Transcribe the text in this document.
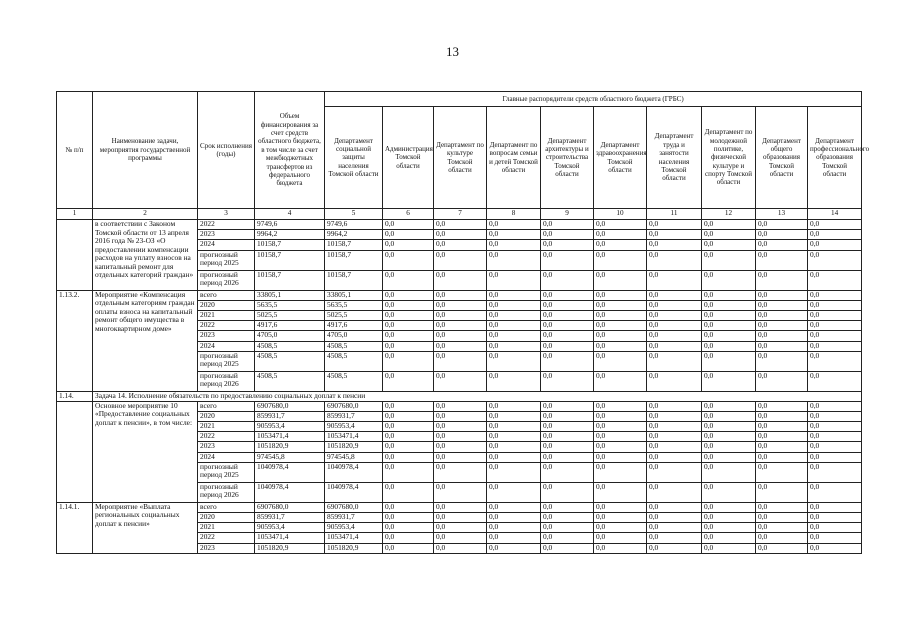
13
№ п/п	Наименование задачи, мероприятия государственной программы	Срок исполнения (годы)	Объем финансирования за счет средств областного бюджета, в том числе за счет межбюджетных трансфертов из федерального бюджета	Главные распорядители средств областного бюджета (ГРБС)									
				Департамент социальной защиты населения Томской области	Администрация Томской области	Департамент по культуре Томской области	Департамент по вопросам семьи и детей Томской области	Департамент архитектуры и строительства Томской области	Департамент здравоохранения Томской области	Департамент труда и занятости населения Томской области	Департамент по молодежной политике, физической культуре и спорту Томской области	Департамент общего образования Томской области	Департамент профессионального образования Томской области
1	2	3	4	5	6	7	8	9	10	11	12	13	14
	в соответствии с Законом Томской области от 13 апреля 2016 года № 23-ОЗ «О предоставлении компенсации расходов на уплату взносов на капитальный ремонт для отдельных категорий граждан»	2022	9749,6	9749,6	0,0	0,0	0,0	0,0	0,0	0,0	0,0	0,0	0,0
		2023	9964,2	9964,2	0,0	0,0	0,0	0,0	0,0	0,0	0,0	0,0	0,0
		2024	10158,7	10158,7	0,0	0,0	0,0	0,0	0,0	0,0	0,0	0,0	0,0
		прогнозный период 2025	10158,7	10158,7	0,0	0,0	0,0	0,0	0,0	0,0	0,0	0,0	0,0
		прогнозный период 2026	10158,7	10158,7	0,0	0,0	0,0	0,0	0,0	0,0	0,0	0,0	0,0
1.13.2.	Мероприятие «Компенсация отдельным категориям граждан оплаты взноса на капитальный ремонт общего имущества в многоквартирном доме»	всего	33805,1	33805,1	0,0	0,0	0,0	0,0	0,0	0,0	0,0	0,0	0,0
		2020	5635,5	5635,5	0,0	0,0	0,0	0,0	0,0	0,0	0,0	0,0	0,0
		2021	5025,5	5025,5	0,0	0,0	0,0	0,0	0,0	0,0	0,0	0,0	0,0
		2022	4917,6	4917,6	0,0	0,0	0,0	0,0	0,0	0,0	0,0	0,0	0,0
		2023	4705,0	4705,0	0,0	0,0	0,0	0,0	0,0	0,0	0,0	0,0	0,0
		2024	4508,5	4508,5	0,0	0,0	0,0	0,0	0,0	0,0	0,0	0,0	0,0
		прогнозный период 2025	4508,5	4508,5	0,0	0,0	0,0	0,0	0,0	0,0	0,0	0,0	0,0
		прогнозный период 2026	4508,5	4508,5	0,0	0,0	0,0	0,0	0,0	0,0	0,0	0,0	0,0
1.14.	Задача 14. Исполнение обязательств по предоставлению социальных доплат к пенсии												
	Основное мероприятие 10 «Предоставление социальных доплат к пенсии», в том числе:	всего	6907680,0	6907680,0	0,0	0,0	0,0	0,0	0,0	0,0	0,0	0,0	0,0
		2020	859931,7	859931,7	0,0	0,0	0,0	0,0	0,0	0,0	0,0	0,0	0,0
		2021	905953,4	905953,4	0,0	0,0	0,0	0,0	0,0	0,0	0,0	0,0	0,0
		2022	1053471,4	1053471,4	0,0	0,0	0,0	0,0	0,0	0,0	0,0	0,0	0,0
		2023	1051820,9	1051820,9	0,0	0,0	0,0	0,0	0,0	0,0	0,0	0,0	0,0
		2024	974545,8	974545,8	0,0	0,0	0,0	0,0	0,0	0,0	0,0	0,0	0,0
		прогнозный период 2025	1040978,4	1040978,4	0,0	0,0	0,0	0,0	0,0	0,0	0,0	0,0	0,0
		прогнозный период 2026	1040978,4	1040978,4	0,0	0,0	0,0	0,0	0,0	0,0	0,0	0,0	0,0
1.14.1.	Мероприятие «Выплата региональных социальных доплат к пенсии»	всего	6907680,0	6907680,0	0,0	0,0	0,0	0,0	0,0	0,0	0,0	0,0	0,0
		2020	859931,7	859931,7	0,0	0,0	0,0	0,0	0,0	0,0	0,0	0,0	0,0
		2021	905953,4	905953,4	0,0	0,0	0,0	0,0	0,0	0,0	0,0	0,0	0,0
		2022	1053471,4	1053471,4	0,0	0,0	0,0	0,0	0,0	0,0	0,0	0,0	0,0
		2023	1051820,9	1051820,9	0,0	0,0	0,0	0,0	0,0	0,0	0,0	0,0	0,0
